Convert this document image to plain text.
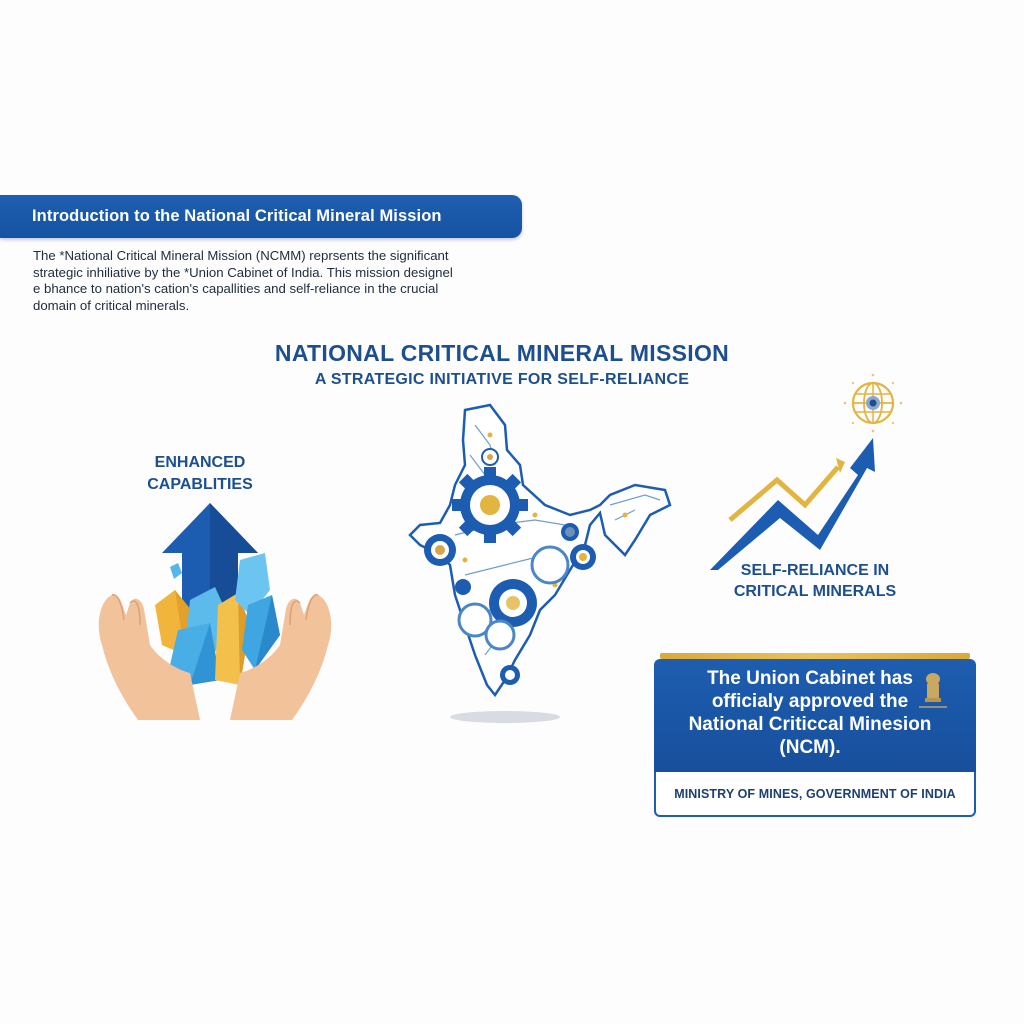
Introduction to the National Critical Mineral Mission

The *National Critical Mineral Mission (NCMM) reprsents the significant

strategic inhiliative by the *Union Cabinet of India. This mission designel

e bhance to nation's cation's capallities and self-reliance in the crucial

domain of critical minerals.

NATIONAL CRITICAL MINERAL MISSION
A STRATEGIC INITIATIVE FOR SELF-RELIANCE
ENHANCED
CAPABLITIES
SELF-RELIANCE IN
CRITICAL MINERALS
The Union Cabinet has
officialy approved the
National Criticcal Minesion
(NCM).
MINISTRY OF MINES, GOVERNMENT OF INDIA
